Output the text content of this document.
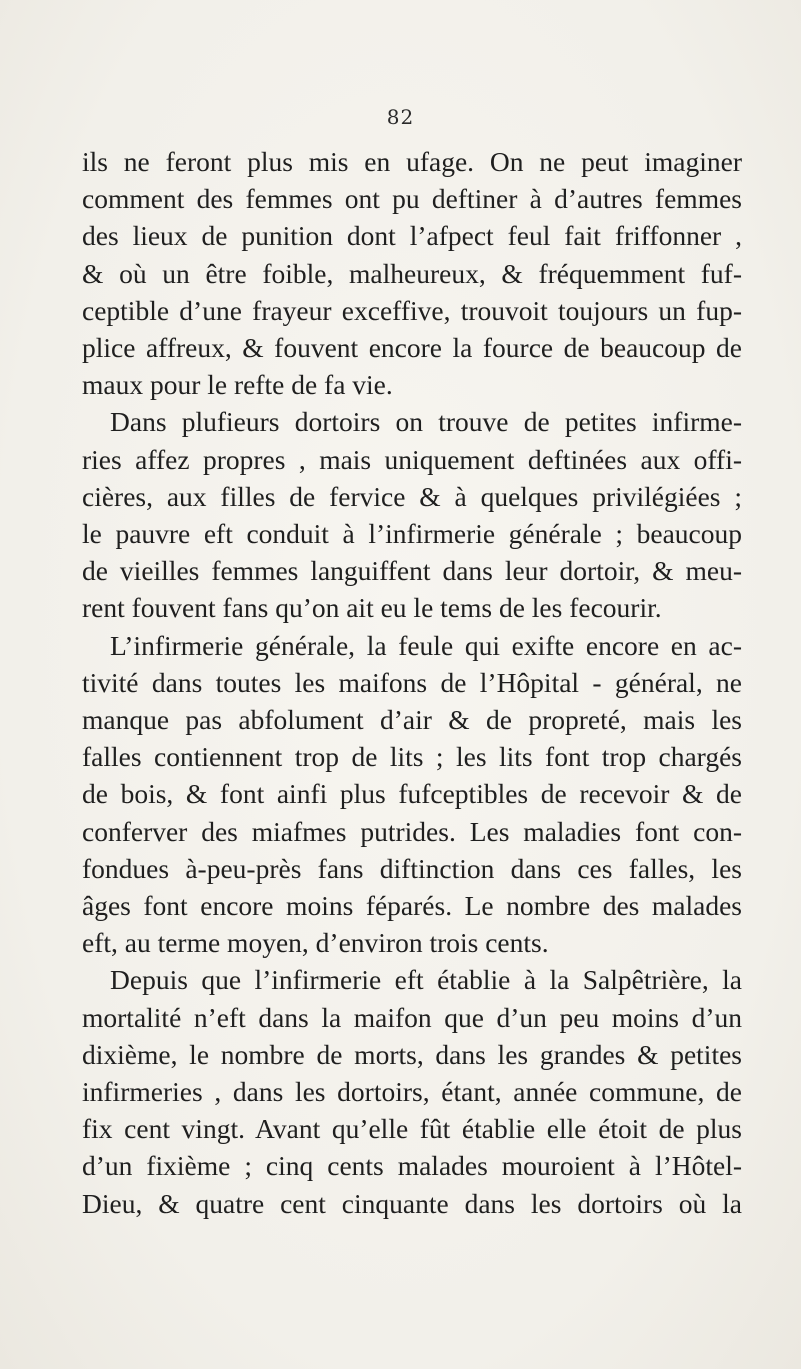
82
ils ne feront plus mis en ufage. On ne peut imaginer
comment des femmes ont pu deftiner à d’autres femmes
des lieux de punition dont l’afpect feul fait friffonner ,
& où un être foible, malheureux, & fréquemment fuf-
ceptible d’une frayeur exceffive, trouvoit toujours un fup-
plice affreux, & fouvent encore la fource de beaucoup de
maux pour le refte de fa vie.
Dans plufieurs dortoirs on trouve de petites infirme-
ries affez propres , mais uniquement deftinées aux offi-
cières, aux filles de fervice & à quelques privilégiées ;
le pauvre eft conduit à l’infirmerie générale ; beaucoup
de vieilles femmes languiffent dans leur dortoir, & meu-
rent fouvent fans qu’on ait eu le tems de les fecourir.
L’infirmerie générale, la feule qui exifte encore en ac-
tivité dans toutes les maifons de l’Hôpital - général, ne
manque pas abfolument d’air & de propreté, mais les
falles contiennent trop de lits ; les lits font trop chargés
de bois, & font ainfi plus fufceptibles de recevoir & de
conferver des miafmes putrides. Les maladies font con-
fondues à-peu-près fans diftinction dans ces falles, les
âges font encore moins féparés. Le nombre des malades
eft, au terme moyen, d’environ trois cents.
Depuis que l’infirmerie eft établie à la Salpêtrière, la
mortalité n’eft dans la maifon que d’un peu moins d’un
dixième, le nombre de morts, dans les grandes & petites
infirmeries , dans les dortoirs, étant, année commune, de
fix cent vingt. Avant qu’elle fût établie elle étoit de plus
d’un fixième ; cinq cents malades mouroient à l’Hôtel-
Dieu, & quatre cent cinquante dans les dortoirs où la
